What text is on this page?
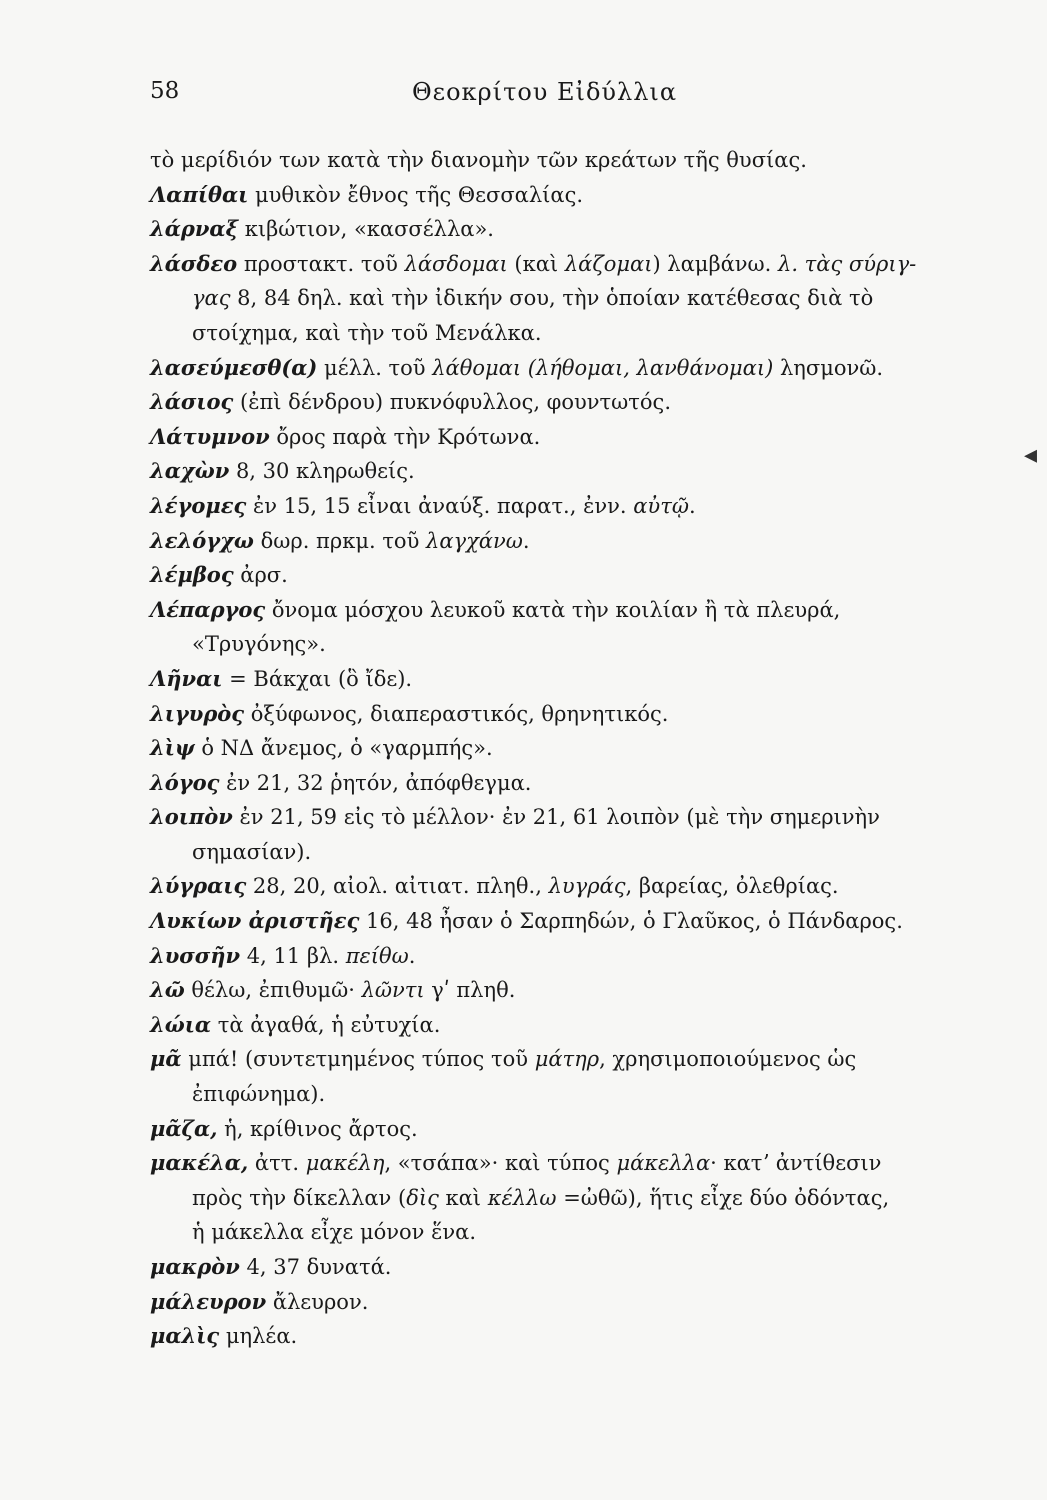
58	Θεοκρίτου Εἰδύλλια
◂
τὸ μερίδιόν των κατὰ τὴν διανομὴν τῶν κρεάτων τῆς θυσίας.
Λαπίθαι μυθικὸν ἔθνος τῆς Θεσσαλίας.
λάρναξ κιβώτιον, «κασσέλλα».
λάσδεο προστακτ. τοῦ λάσδομαι (καὶ λάζομαι) λαμβάνω. λ. τὰς σύριγ-
γας 8, 84 δηλ. καὶ τὴν ἰδικήν σου, τὴν ὁποίαν κατέθεσας διὰ τὸ
στοίχημα, καὶ τὴν τοῦ Μενάλκα.
λασεύμεσθ(α) μέλλ. τοῦ λάθομαι (λήθομαι, λανθάνομαι) λησμονῶ.
λάσιος (ἐπὶ δένδρου) πυκνόφυλλος, φουντωτός.
Λάτυμνον ὄρος παρὰ τὴν Κρότωνα.
λαχὼν 8, 30 κληρωθείς.
λέγομες ἐν 15, 15 εἶναι ἀναύξ. παρατ., ἐνν. αὐτῷ.
λελόγχω δωρ. πρκμ. τοῦ λαγχάνω.
λέμβος ἀρσ.
Λέπαργος ὄνομα μόσχου λευκοῦ κατὰ τὴν κοιλίαν ἢ τὰ πλευρά,
«Τρυγόνης».
Λῆναι = Βάκχαι (ὃ ἴδε).
λιγυρὸς ὀξύφωνος, διαπεραστικός, θρηνητικός.
λὶψ ὁ ΝΔ ἄνεμος, ὁ «γαρμπής».
λόγος ἐν 21, 32 ῥητόν, ἀπόφθεγμα.
λοιπὸν ἐν 21, 59 εἰς τὸ μέλλον· ἐν 21, 61 λοιπὸν (μὲ τὴν σημερινὴν
σημασίαν).
λύγραις 28, 20, αἰολ. αἰτιατ. πληθ., λυγράς, βαρείας, ὀλεθρίας.
Λυκίων ἀριστῆες 16, 48 ἦσαν ὁ Σαρπηδών, ὁ Γλαῦκος, ὁ Πάνδαρος.
λυσσῆν 4, 11 βλ. πείθω.
λῶ θέλω, ἐπιθυμῶ· λῶντι γʹ πληθ.
λώια τὰ ἀγαθά, ἡ εὐτυχία.
μᾶ μπά! (συντετμημένος τύπος τοῦ μάτηρ, χρησιμοποιούμενος ὡς
ἐπιφώνημα).
μᾶζα, ἡ, κρίθινος ἄρτος.
μακέλα, ἀττ. μακέλη, «τσάπα»· καὶ τύπος μάκελλα· κατʼ ἀντίθεσιν
πρὸς τὴν δίκελλαν (δὶς καὶ κέλλω =ὠθῶ), ἥτις εἶχε δύο ὀδόντας,
ἡ μάκελλα εἶχε μόνον ἕνα.
μακρὸν 4, 37 δυνατά.
μάλευρον ἄλευρον.
μαλὶς μηλέα.
